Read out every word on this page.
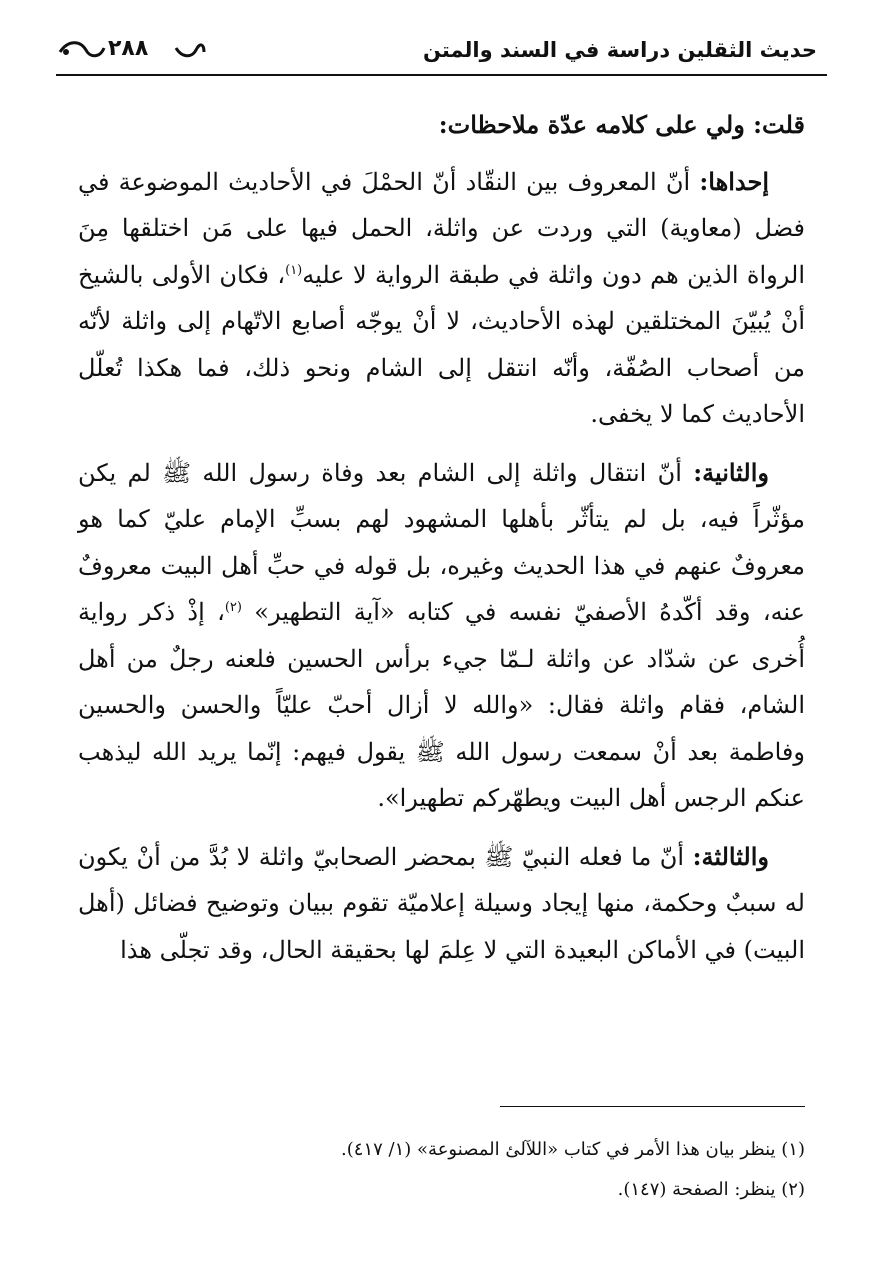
حديث الثقلين دراسة في السند والمتن
٢٨٨

قلت: ولي على كلامه عدّة ملاحظات:

إحداها: أنّ المعروف بين النقّاد أنّ الحمْلَ في الأحاديث الموضوعة في فضل (معاوية) التي وردت عن واثلة، الحمل فيها على مَن اختلقها مِنَ الرواة الذين هم دون واثلة في طبقة الرواية لا عليه$^{(١)}$، فكان الأولى بالشيخ أنْ يُبيّنَ المختلقين لهذه الأحاديث، لا أنْ يوجّه أصابع الاتّهام إلى واثلة لأنّه من أصحاب الصُفّة، وأنّه انتقل إلى الشام ونحو ذلك، فما هكذا تُعلّل الأحاديث كما لا يخفى.

والثانية: أنّ انتقال واثلة إلى الشام بعد وفاة رسول الله ﷺ لم يكن مؤثّراً فيه، بل لم يتأثّر بأهلها المشهود لهم بسبِّ الإمام عليّ كما هو معروفٌ عنهم في هذا الحديث وغيره، بل قوله في حبِّ أهل البيت معروفٌ عنه، وقد أكّدهُ الأصفيّ نفسه في كتابه «آية التطهير» $^{(٢)}$، إذْ ذكر رواية أُخرى عن شدّاد عن واثلة لـمّا جيء برأس الحسين فلعنه رجلٌ من أهل الشام، فقام واثلة فقال: «والله لا أزال أحبّ عليّاً والحسن والحسين وفاطمة بعد أنْ سمعت رسول الله ﷺ يقول فيهم: إنّما يريد الله ليذهب عنكم الرجس أهل البيت ويطهّركم تطهيرا».

والثالثة: أنّ ما فعله النبيّ ﷺ بمحضر الصحابيّ واثلة لا بُدَّ من أنْ يكون له سببٌ وحكمة، منها إيجاد وسيلة إعلاميّة تقوم ببيان وتوضيح فضائل (أهل البيت) في الأماكن البعيدة التي لا عِلمَ لها بحقيقة الحال، وقد تجلّى هذا

(١) ينظر بيان هذا الأمر في كتاب «اللآلئ المصنوعة» (١/ ٤١٧).
(٢) ينظر: الصفحة (١٤٧).
